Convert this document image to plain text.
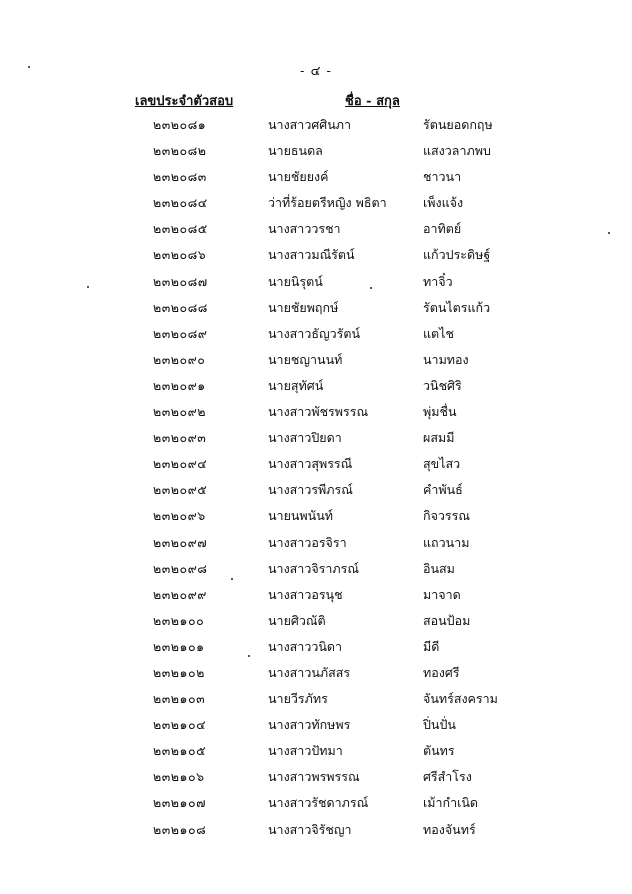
- ๔ -
เลขประจำตัวสอบ	ชื่อ - สกุล
๒๓๒๐๘๑	นางสาวศศินภา	รัตนยอดกฤษ
๒๓๒๐๘๒	นายธนดล	แสงวลาภพบ
๒๓๒๐๘๓	นายชัยยงค์	ชาวนา
๒๓๒๐๘๔	ว่าที่ร้อยตรีหญิง พธิตา	เพ็งแจ้ง
๒๓๒๐๘๕	นางสาววรชา	อาทิตย์
๒๓๒๐๘๖	นางสาวมณีรัตน์	แก้วประดิษฐ์
๒๓๒๐๘๗	นายนิรุตน์	ทาจิ๋ว
๒๓๒๐๘๘	นายชัยพฤกษ์	รัตนไตรแก้ว
๒๓๒๐๘๙	นางสาวธัญวรัตน์	แตไช
๒๓๒๐๙๐	นายชญานนท์	นามทอง
๒๓๒๐๙๑	นายสุทัศน์	วนิชศิริ
๒๓๒๐๙๒	นางสาวพัชรพรรณ	พุ่มชื่น
๒๓๒๐๙๓	นางสาวปิยดา	ผสมมี
๒๓๒๐๙๔	นางสาวสุพรรณี	สุขไสว
๒๓๒๐๙๕	นางสาวรพีภรณ์	คำพันธ์
๒๓๒๐๙๖	นายนพนันท์	กิจวรรณ
๒๓๒๐๙๗	นางสาวอรจิรา	แถวนาม
๒๓๒๐๙๘	นางสาวจิราภรณ์	อินสม
๒๓๒๐๙๙	นางสาวอรนุช	มาจาด
๒๓๒๑๐๐	นายศิวณัติ	สอนป้อม
๒๓๒๑๐๑	นางสาววนิดา	มีดี
๒๓๒๑๐๒	นางสาวนภัสสร	ทองศรี
๒๓๒๑๐๓	นายวีรภัทร	จันทร์สงคราม
๒๓๒๑๐๔	นางสาวทักษพร	ปิ่นปั่น
๒๓๒๑๐๕	นางสาวปัทมา	ตันทร
๒๓๒๑๐๖	นางสาวพรพรรณ	ศรีสำโรง
๒๓๒๑๐๗	นางสาวรัชดาภรณ์	เม้ากำเนิด
๒๓๒๑๐๘	นางสาวจิรัชญา	ทองจันทร์
